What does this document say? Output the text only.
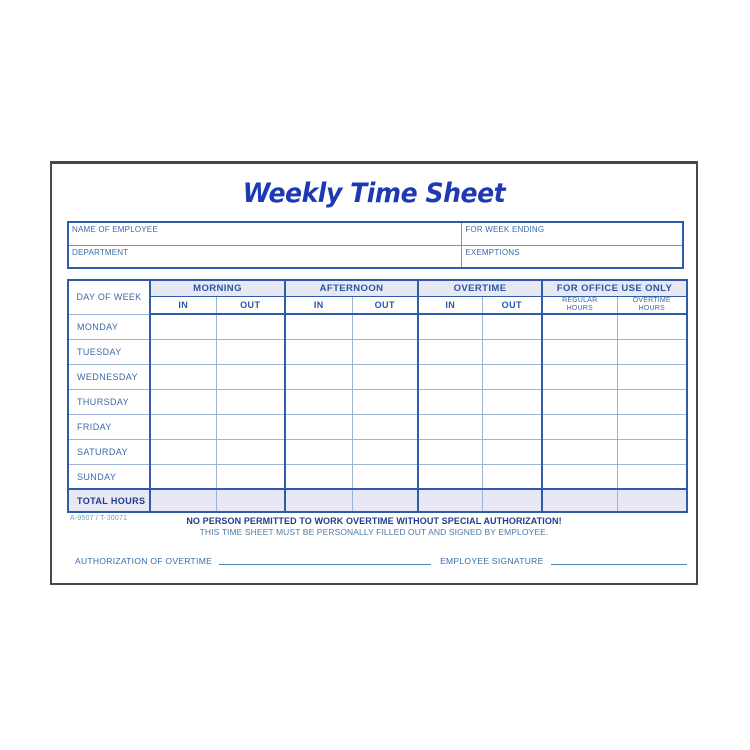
Weekly Time Sheet
NAME OF EMPLOYEE	FOR WEEK ENDING
DEPARTMENT	EXEMPTIONS
DAY OF WEEK	MORNING		AFTERNOON		OVERTIME		FOR OFFICE USE ONLY	
	IN	OUT	IN	OUT	IN	OUT	REGULAR HOURS	OVERTIME HOURS

MONDAY								
TUESDAY								
WEDNESDAY								
THURSDAY								
FRIDAY								
SATURDAY								
SUNDAY								
TOTAL HOURS								
A-9507 / T-30071	NO PERSON PERMITTED TO WORK OVERTIME WITHOUT SPECIAL AUTHORIZATION!
THIS TIME SHEET MUST BE PERSONALLY FILLED OUT AND SIGNED BY EMPLOYEE.
AUTHORIZATION OF OVERTIME	EMPLOYEE SIGNATURE
